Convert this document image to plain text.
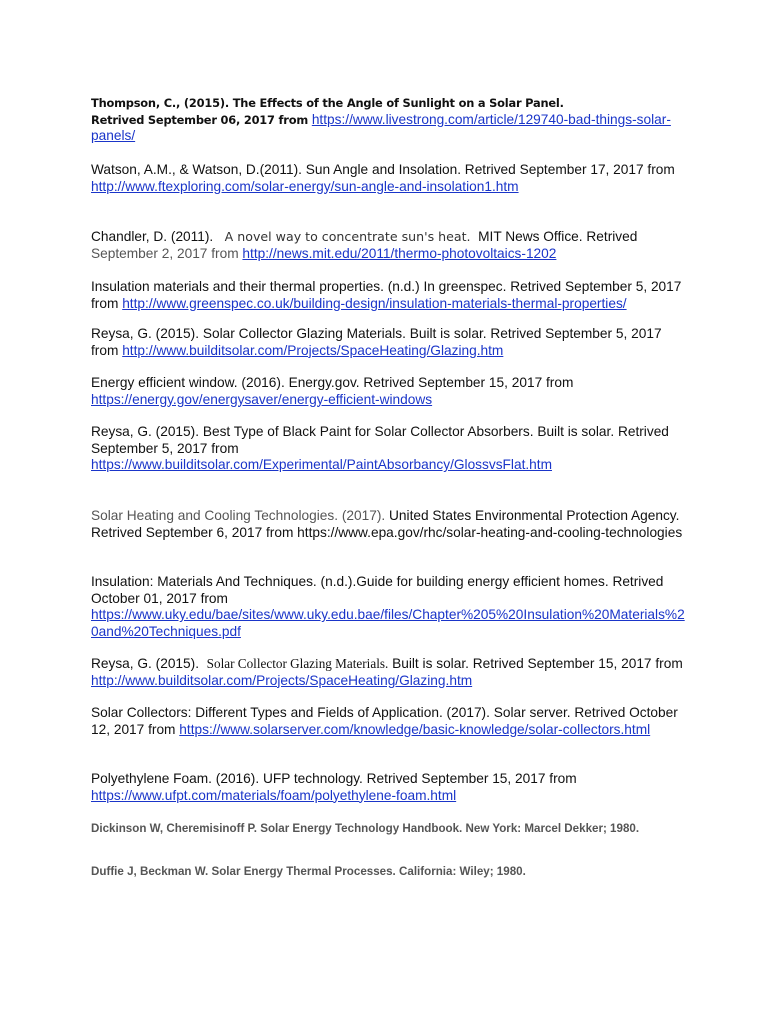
Thompson, C., (2015). The Effects of the Angle of Sunlight on a Solar Panel.
Retrived September 06, 2017 from https://www.livestrong.com/article/129740-bad-things-solar-panels/

Watson, A.M., & Watson, D.(2011). Sun Angle and Insolation. Retrived September 17, 2017 from http://www.ftexploring.com/solar-energy/sun-angle-and-insolation1.htm

Chandler, D. (2011). A novel way to concentrate sun's heat. MIT News Office. Retrived
September 2, 2017 from http://news.mit.edu/2011/thermo-photovoltaics-1202

Insulation materials and their thermal properties. (n.d.) In greenspec. Retrived September 5, 2017 from http://www.greenspec.co.uk/building-design/insulation-materials-thermal-properties/

Reysa, G. (2015). Solar Collector Glazing Materials. Built is solar. Retrived September 5, 2017 from http://www.builditsolar.com/Projects/SpaceHeating/Glazing.htm

Energy efficient window. (2016). Energy.gov. Retrived September 15, 2017 from
https://energy.gov/energysaver/energy-efficient-windows

Reysa, G. (2015). Best Type of Black Paint for Solar Collector Absorbers. Built is solar. Retrived September 5, 2017 from
https://www.builditsolar.com/Experimental/PaintAbsorbancy/GlossvsFlat.htm

Solar Heating and Cooling Technologies. (2017). United States Environmental Protection Agency. Retrived September 6, 2017 from https://www.epa.gov/rhc/solar-heating-and-cooling-technologies

Insulation: Materials And Techniques. (n.d.).Guide for building energy efficient homes. Retrived October 01, 2017 from
https://www.uky.edu/bae/sites/www.uky.edu.bae/files/Chapter%205%20Insulation%20Materials%20and%20Techniques.pdf

Reysa, G. (2015). Solar Collector Glazing Materials. Built is solar. Retrived September 15, 2017 from
http://www.builditsolar.com/Projects/SpaceHeating/Glazing.htm

Solar Collectors: Different Types and Fields of Application. (2017). Solar server. Retrived October 12, 2017 from https://www.solarserver.com/knowledge/basic-knowledge/solar-collectors.html

Polyethylene Foam. (2016). UFP technology. Retrived September 15, 2017 from
https://www.ufpt.com/materials/foam/polyethylene-foam.html

Dickinson W, Cheremisinoff P. Solar Energy Technology Handbook. New York: Marcel Dekker; 1980.

Duffie J, Beckman W. Solar Energy Thermal Processes. California: Wiley; 1980.
